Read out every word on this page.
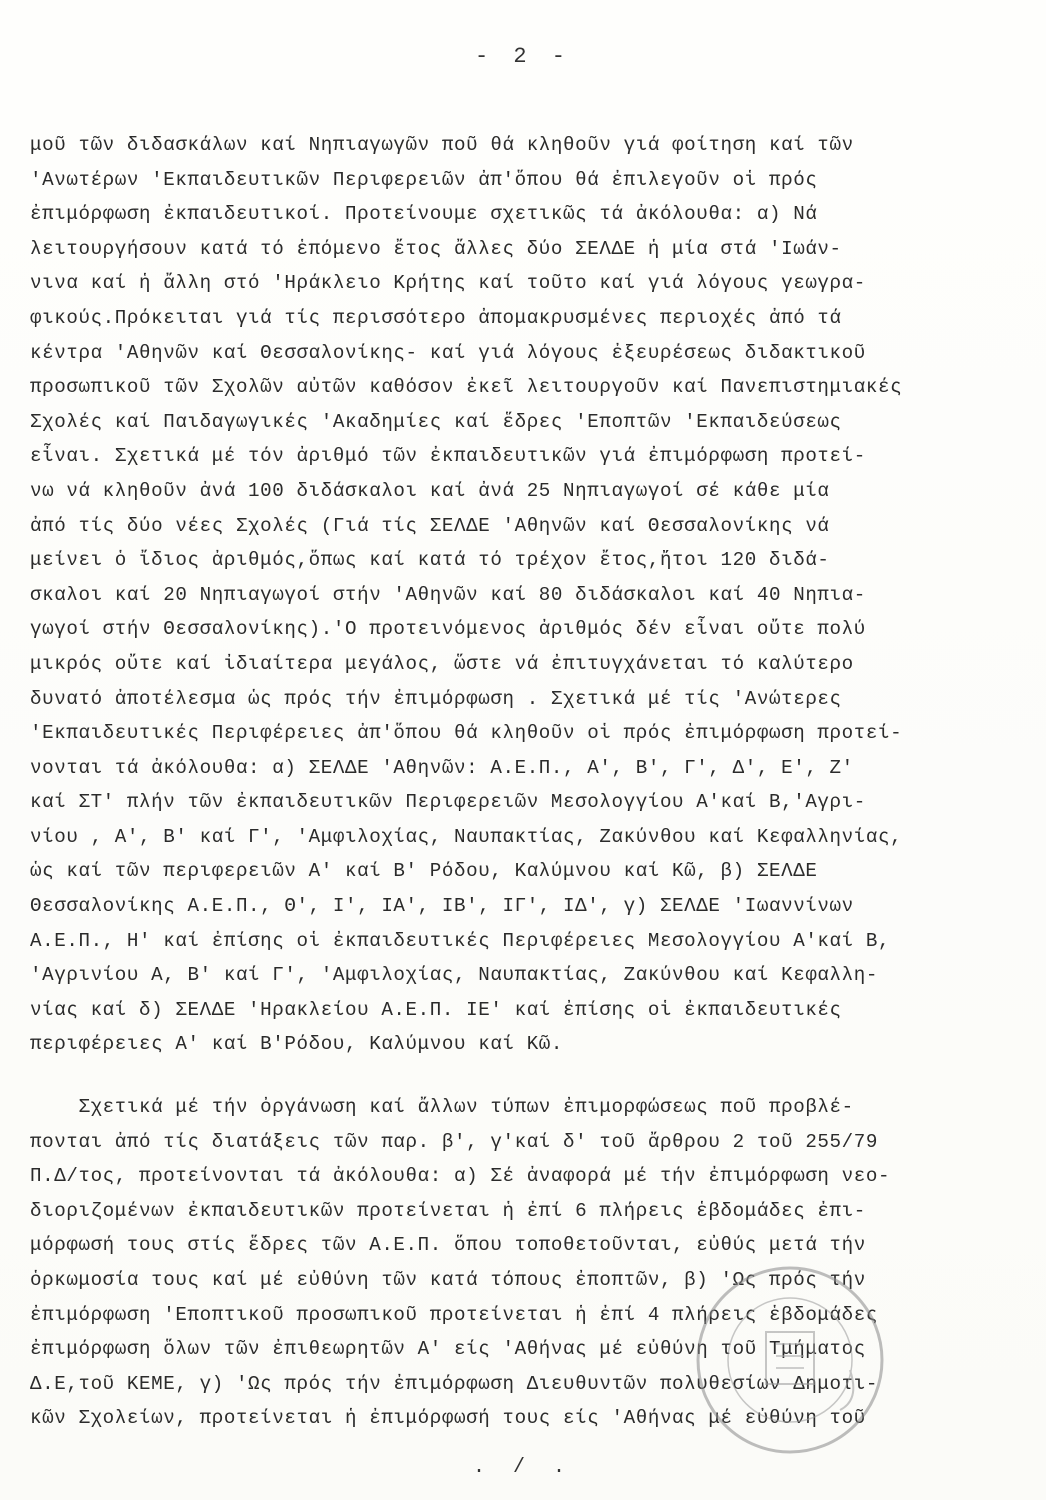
- 2 -
μοῦ τῶν διδασκάλων καί Νηπιαγωγῶν ποῦ θά κληθοῦν γιά φοίτηση καί τῶν
'Ανωτέρων 'Εκπαιδευτικῶν Περιφερειῶν ἀπ'ὅπου θά ἐπιλεγοῦν οἱ πρός
ἐπιμόρφωση ἐκπαιδευτικοί. Προτείνουμε σχετικῶς τά ἀκόλουθα: α) Νά
λειτουργήσουν κατά τό ἑπόμενο ἔτος ἄλλες δύο ΣΕΛΔΕ ἡ μία στά 'Ιωάν-
νινα καί ἡ ἄλλη στό 'Ηράκλειο Κρήτης καί τοῦτο καί γιά λόγους γεωγρα-
φικούς.Πρόκειται γιά τίς περισσότερο ἀπομακρυσμένες περιοχές ἀπό τά
κέντρα 'Αθηνῶν καί Θεσσαλονίκης- καί γιά λόγους ἐξευρέσεως διδακτικοῦ
προσωπικοῦ τῶν Σχολῶν αὐτῶν καθόσον ἐκεῖ λειτουργοῦν καί Πανεπιστημιακές
Σχολές καί Παιδαγωγικές 'Ακαδημίες καί ἕδρες 'Εποπτῶν 'Εκπαιδεύσεως
εἶναι. Σχετικά μέ τόν ἀριθμό τῶν ἐκπαιδευτικῶν γιά ἐπιμόρφωση προτεί-
νω νά κληθοῦν ἀνά 100 διδάσκαλοι καί ἀνά 25 Νηπιαγωγοί σέ κάθε μία
ἀπό τίς δύο νέες Σχολές (Γιά τίς ΣΕΛΔΕ 'Αθηνῶν καί Θεσσαλονίκης νά
μείνει ὁ ἴδιος ἀριθμός,ὅπως καί κατά τό τρέχον ἔτος,ἤτοι 120 διδά-
σκαλοι καί 20 Νηπιαγωγοί στήν 'Αθηνῶν καί 80 διδάσκαλοι καί 40 Νηπια-
γωγοί στήν Θεσσαλονίκης).'Ο προτεινόμενος ἀριθμός δέν εἶναι οὔτε πολύ
μικρός οὔτε καί ἰδιαίτερα μεγάλος, ὥστε νά ἐπιτυγχάνεται τό καλύτερο
δυνατό ἀποτέλεσμα ὡς πρός τήν ἐπιμόρφωση . Σχετικά μέ τίς 'Ανώτερες
'Εκπαιδευτικές Περιφέρειες ἀπ'ὅπου θά κληθοῦν οἱ πρός ἐπιμόρφωση προτεί-
νονται τά ἀκόλουθα: α) ΣΕΛΔΕ 'Αθηνῶν: Α.Ε.Π., Α', Β', Γ', Δ', Ε', Ζ'
καί ΣΤ' πλήν τῶν ἐκπαιδευτικῶν Περιφερειῶν Μεσολογγίου Α'καί Β,'Αγρι-
νίου , Α', Β' καί Γ', 'Αμφιλοχίας, Ναυπακτίας, Ζακύνθου καί Κεφαλληνίας,
ὡς καί τῶν περιφερειῶν Α' καί Β' Ρόδου, Καλύμνου καί Κῶ, β) ΣΕΛΔΕ
Θεσσαλονίκης Α.Ε.Π., Θ', Ι', ΙΑ', ΙΒ', ΙΓ', ΙΔ', γ) ΣΕΛΔΕ 'Ιωαννίνων
Α.Ε.Π., Η' καί ἐπίσης οἱ ἐκπαιδευτικές Περιφέρειες Μεσολογγίου Α'καί Β,
'Αγρινίου Α, Β' καί Γ', 'Αμφιλοχίας, Ναυπακτίας, Ζακύνθου καί Κεφαλλη-
νίας καί δ) ΣΕΛΔΕ 'Ηρακλείου Α.Ε.Π. ΙΕ' καί ἐπίσης οἱ ἐκπαιδευτικές
περιφέρειες Α' καί Β'Ρόδου, Καλύμνου καί Κῶ.
Σχετικά μέ τήν ὀργάνωση καί ἄλλων τύπων ἐπιμορφώσεως ποῦ προβλέ-
πονται ἀπό τίς διατάξεις τῶν παρ. β', γ'καί δ' τοῦ ἄρθρου 2 τοῦ 255/79
Π.Δ/τος, προτείνονται τά ἀκόλουθα: α) Σέ ἀναφορά μέ τήν ἐπιμόρφωση νεο-
διοριζομένων ἐκπαιδευτικῶν προτείνεται ἡ ἐπί 6 πλήρεις ἑβδομάδες ἐπι-
μόρφωσή τους στίς ἕδρες τῶν Α.Ε.Π. ὅπου τοποθετοῦνται, εὐθύς μετά τήν
ὁρκωμοσία τους καί μέ εὐθύνη τῶν κατά τόπους ἐποπτῶν, β) 'Ως πρός τήν
ἐπιμόρφωση 'Εποπτικοῦ προσωπικοῦ προτείνεται ἡ ἐπί 4 πλήρεις ἑβδομάδες
ἐπιμόρφωση ὅλων τῶν ἐπιθεωρητῶν Α' είς 'Αθήνας μέ εὐθύνη τοῦ Τμήματος
Δ.Ε,τοῦ ΚΕΜΕ, γ) 'Ως πρός τήν ἐπιμόρφωση Διευθυντῶν πολυθεσίων Δημοτι-
κῶν Σχολείων, προτείνεται ἡ ἐπιμόρφωσή τους είς 'Αθήνας μέ εὐθύνη τοῦ
. / .
